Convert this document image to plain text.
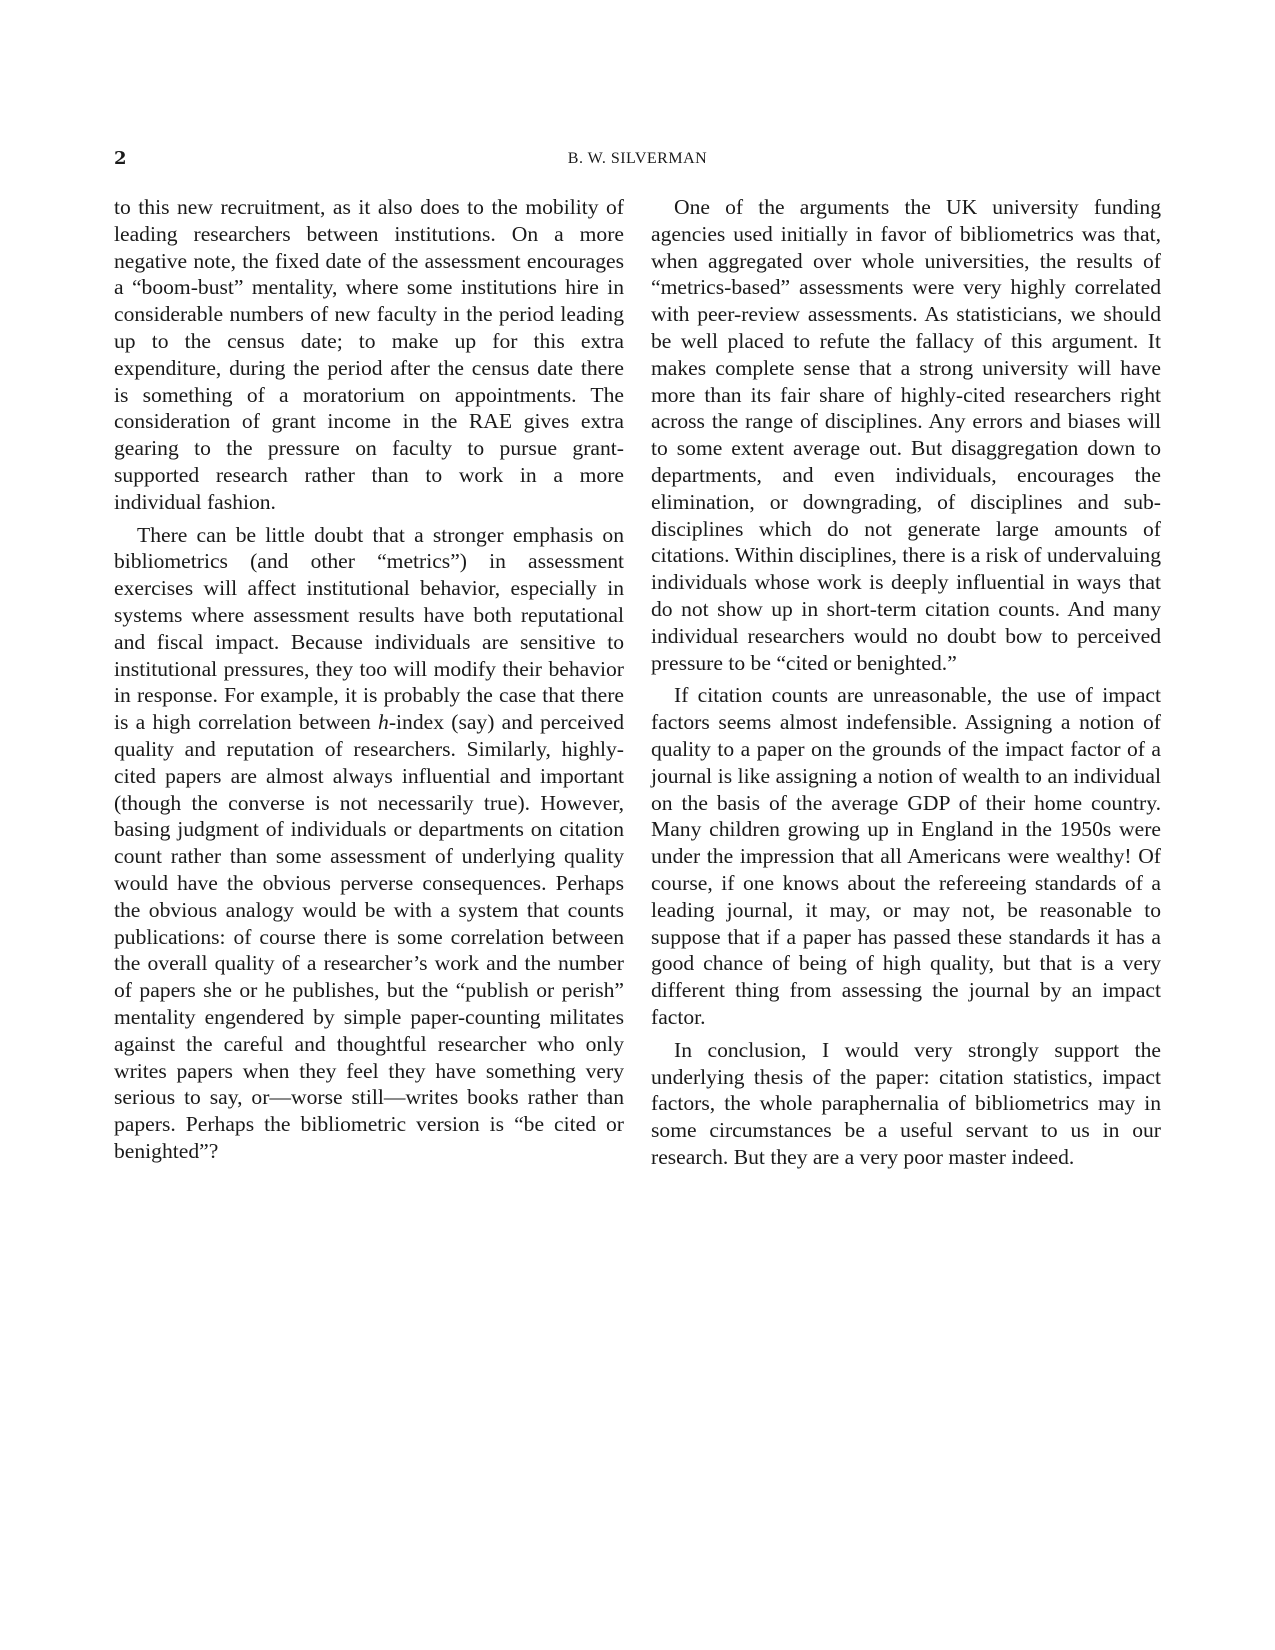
2	B. W. SILVERMAN

to this new recruitment, as it also does to the mobility of leading researchers between institutions. On a more negative note, the fixed date of the assessment encourages a “boom-bust” mentality, where some institutions hire in considerable numbers of new faculty in the period leading up to the census date; to make up for this extra expenditure, during the period after the census date there is something of a moratorium on appointments. The consideration of grant income in the RAE gives extra gearing to the pressure on faculty to pursue grant-supported research rather than to work in a more individual fashion.

There can be little doubt that a stronger emphasis on bibliometrics (and other “metrics”) in assessment exercises will affect institutional behavior, especially in systems where assessment results have both reputational and fiscal impact. Because individuals are sensitive to institutional pressures, they too will modify their behavior in response. For example, it is probably the case that there is a high correlation between h-index (say) and perceived quality and reputation of researchers. Similarly, highly-cited papers are almost always influential and important (though the converse is not necessarily true). However, basing judgment of individuals or departments on citation count rather than some assessment of underlying quality would have the obvious perverse consequences. Perhaps the obvious analogy would be with a system that counts publications: of course there is some correlation between the overall quality of a researcher’s work and the number of papers she or he publishes, but the “publish or perish” mentality engendered by simple paper-counting militates against the careful and thoughtful researcher who only writes papers when they feel they have something very serious to say, or—worse still—writes books rather than papers. Perhaps the bibliometric version is “be cited or benighted”?

One of the arguments the UK university funding agencies used initially in favor of bibliometrics was that, when aggregated over whole universities, the results of “metrics-based” assessments were very highly correlated with peer-review assessments. As statisticians, we should be well placed to refute the fallacy of this argument. It makes complete sense that a strong university will have more than its fair share of highly-cited researchers right across the range of disciplines. Any errors and biases will to some extent average out. But disaggregation down to departments, and even individuals, encourages the elimination, or downgrading, of disciplines and sub-disciplines which do not generate large amounts of citations. Within disciplines, there is a risk of undervaluing individuals whose work is deeply influential in ways that do not show up in short-term citation counts. And many individual researchers would no doubt bow to perceived pressure to be “cited or benighted.”

If citation counts are unreasonable, the use of impact factors seems almost indefensible. Assigning a notion of quality to a paper on the grounds of the impact factor of a journal is like assigning a notion of wealth to an individual on the basis of the average GDP of their home country. Many children growing up in England in the 1950s were under the impression that all Americans were wealthy! Of course, if one knows about the refereeing standards of a leading journal, it may, or may not, be reasonable to suppose that if a paper has passed these standards it has a good chance of being of high quality, but that is a very different thing from assessing the journal by an impact factor.

In conclusion, I would very strongly support the underlying thesis of the paper: citation statistics, impact factors, the whole paraphernalia of bibliometrics may in some circumstances be a useful servant to us in our research. But they are a very poor master indeed.
